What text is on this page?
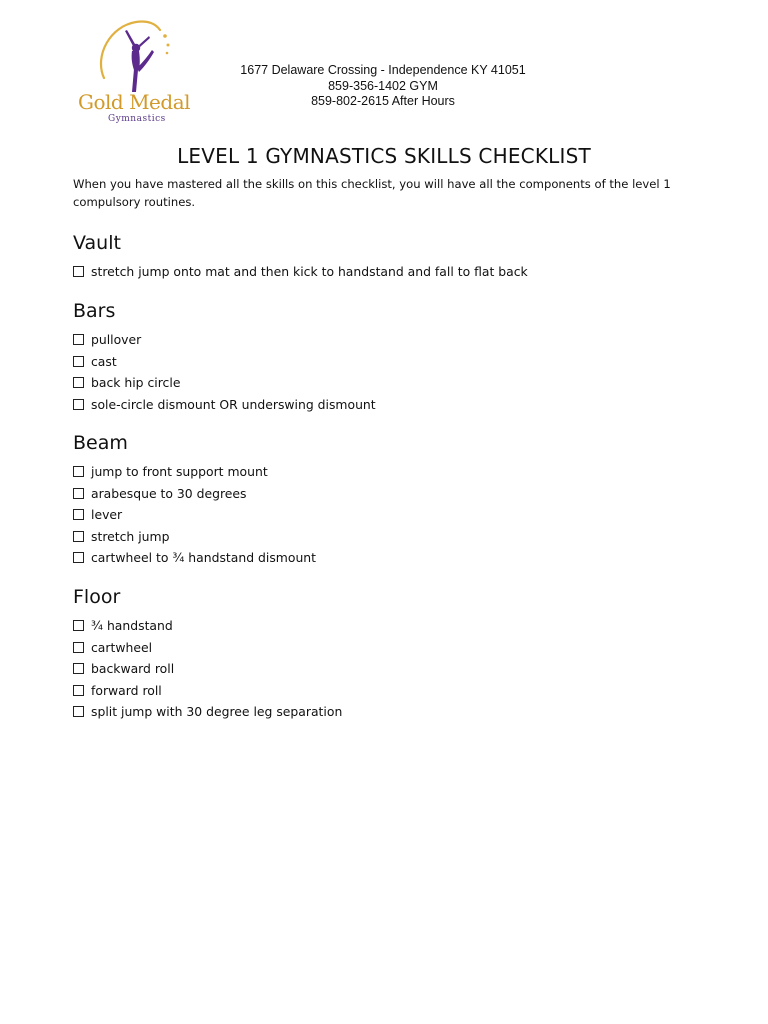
Gold Medal
Gymnastics
1677 Delaware Crossing - Independence KY 41051
859-356-1402 GYM
859-802-2615 After Hours
LEVEL 1 GYMNASTICS SKILLS CHECKLIST
When you have mastered all the skills on this checklist, you will have all the components of the level 1 compulsory routines.
Vault
stretch jump onto mat and then kick to handstand and fall to flat back
Bars
pullover
cast
back hip circle
sole-circle dismount OR underswing dismount
Beam
jump to front support mount
arabesque to 30 degrees
lever
stretch jump
cartwheel to ¾ handstand dismount
Floor
¾ handstand
cartwheel
backward roll
forward roll
split jump with 30 degree leg separation
